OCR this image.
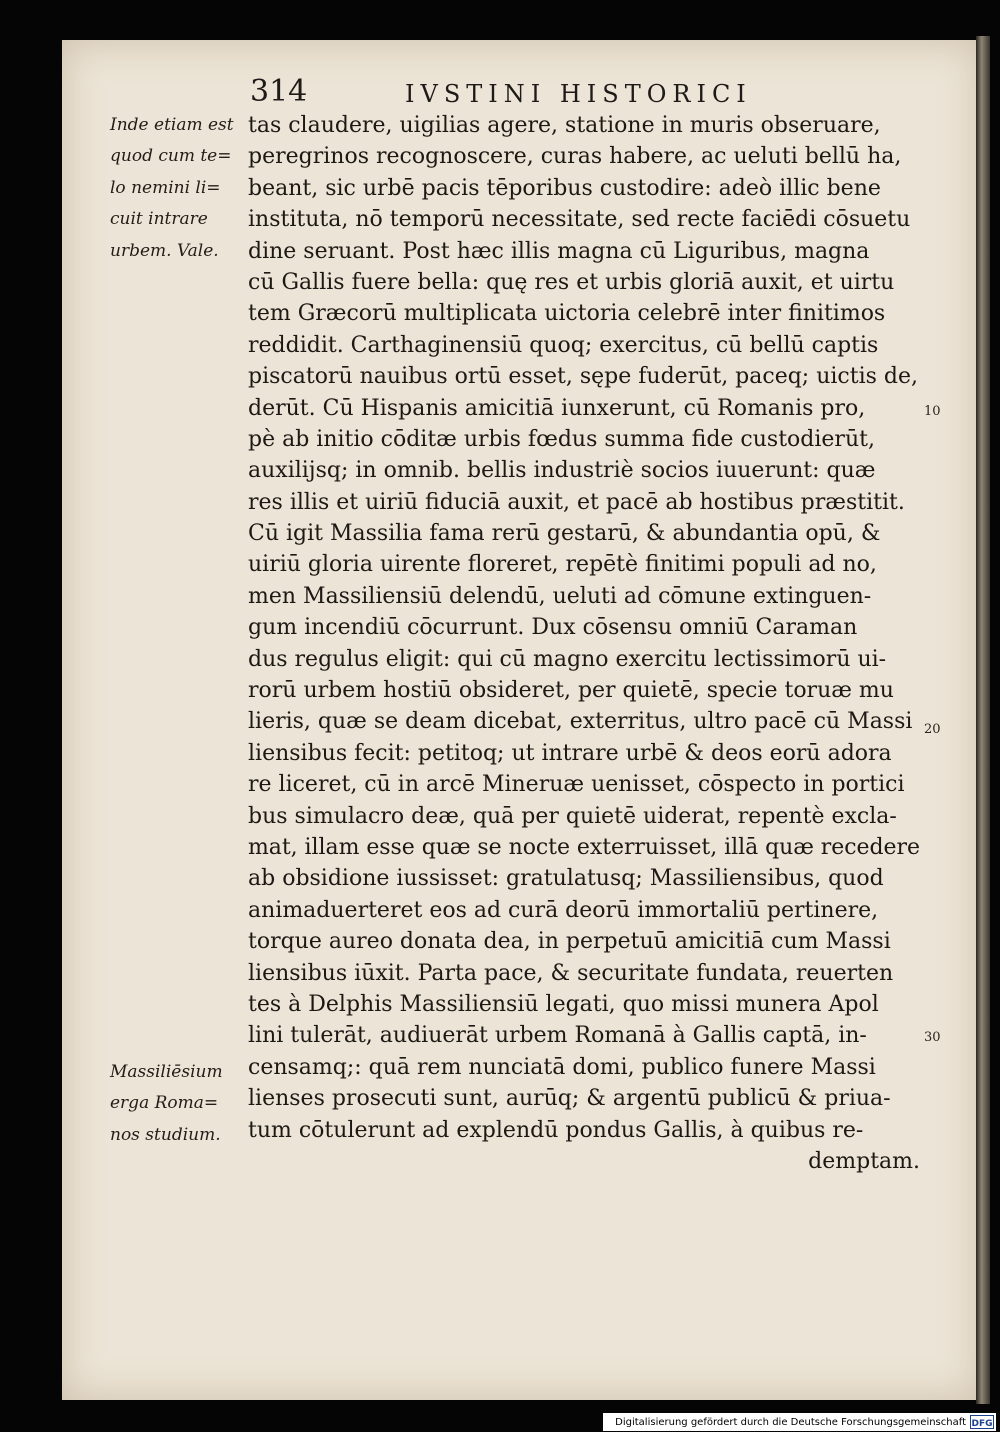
314	IVSTINI HISTORICI
Inde etiam est
quod cum te=
lo nemini li=
cuit intrare
urbem. Vale.
Massiliēsium
erga Roma=
nos studium.
tas claudere, uigilias agere, statione in muris obseruare,
peregrinos recognoscere, curas habere, ac ueluti bellū ha,
beant, sic urbē pacis tēporibus custodire: adeò illic bene
instituta, nō temporū necessitate, sed recte faciēdi cōsuetu
dine seruant. Post hæc illis magna cū Liguribus, magna
cū Gallis fuere bella: quę res et urbis gloriā auxit, et uirtu
tem Græcorū multiplicata uictoria celebrē inter finitimos
reddidit. Carthaginensiū quoq; exercitus, cū bellū captis
piscatorū nauibus ortū esset, sępe fuderūt, paceq; uictis de,
derūt. Cū Hispanis amicitiā iunxerunt, cū Romanis pro,
pè ab initio cōditæ urbis fœdus summa fide custodierūt,
auxilijsq; in omnib. bellis industriè socios iuuerunt: quæ
res illis et uiriū fiduciā auxit, et pacē ab hostibus præstitit.
Cū igit Massilia fama rerū gestarū, & abundantia opū, &
uiriū gloria uirente floreret, repētè finitimi populi ad no,
men Massiliensiū delendū, ueluti ad cōmune extinguen-
gum incendiū cōcurrunt. Dux cōsensu omniū Caraman
dus regulus eligit: qui cū magno exercitu lectissimorū ui-
rorū urbem hostiū obsideret, per quietē, specie toruæ mu
lieris, quæ se deam dicebat, exterritus, ultro pacē cū Massi
liensibus fecit: petitoq; ut intrare urbē & deos eorū adora
re liceret, cū in arcē Mineruæ uenisset, cōspecto in portici
bus simulacro deæ, quā per quietē uiderat, repentè excla-
mat, illam esse quæ se nocte exterruisset, illā quæ recedere
ab obsidione iussisset: gratulatusq; Massiliensibus, quod
animaduerteret eos ad curā deorū immortaliū pertinere,
torque aureo donata dea, in perpetuū amicitiā cum Massi
liensibus iūxit. Parta pace, & securitate fundata, reuerten
tes à Delphis Massiliensiū legati, quo missi munera Apol
lini tulerāt, audiuerāt urbem Romanā à Gallis captā, in-
censamq;: quā rem nunciatā domi, publico funere Massi
lienses prosecuti sunt, aurūq; & argentū publicū & priua-
tum cōtulerunt ad explendū pondus Gallis, à quibus re-
demptam.
10
20
30
Digitalisierung gefördert durch die Deutsche Forschungsgemeinschaft DFG
